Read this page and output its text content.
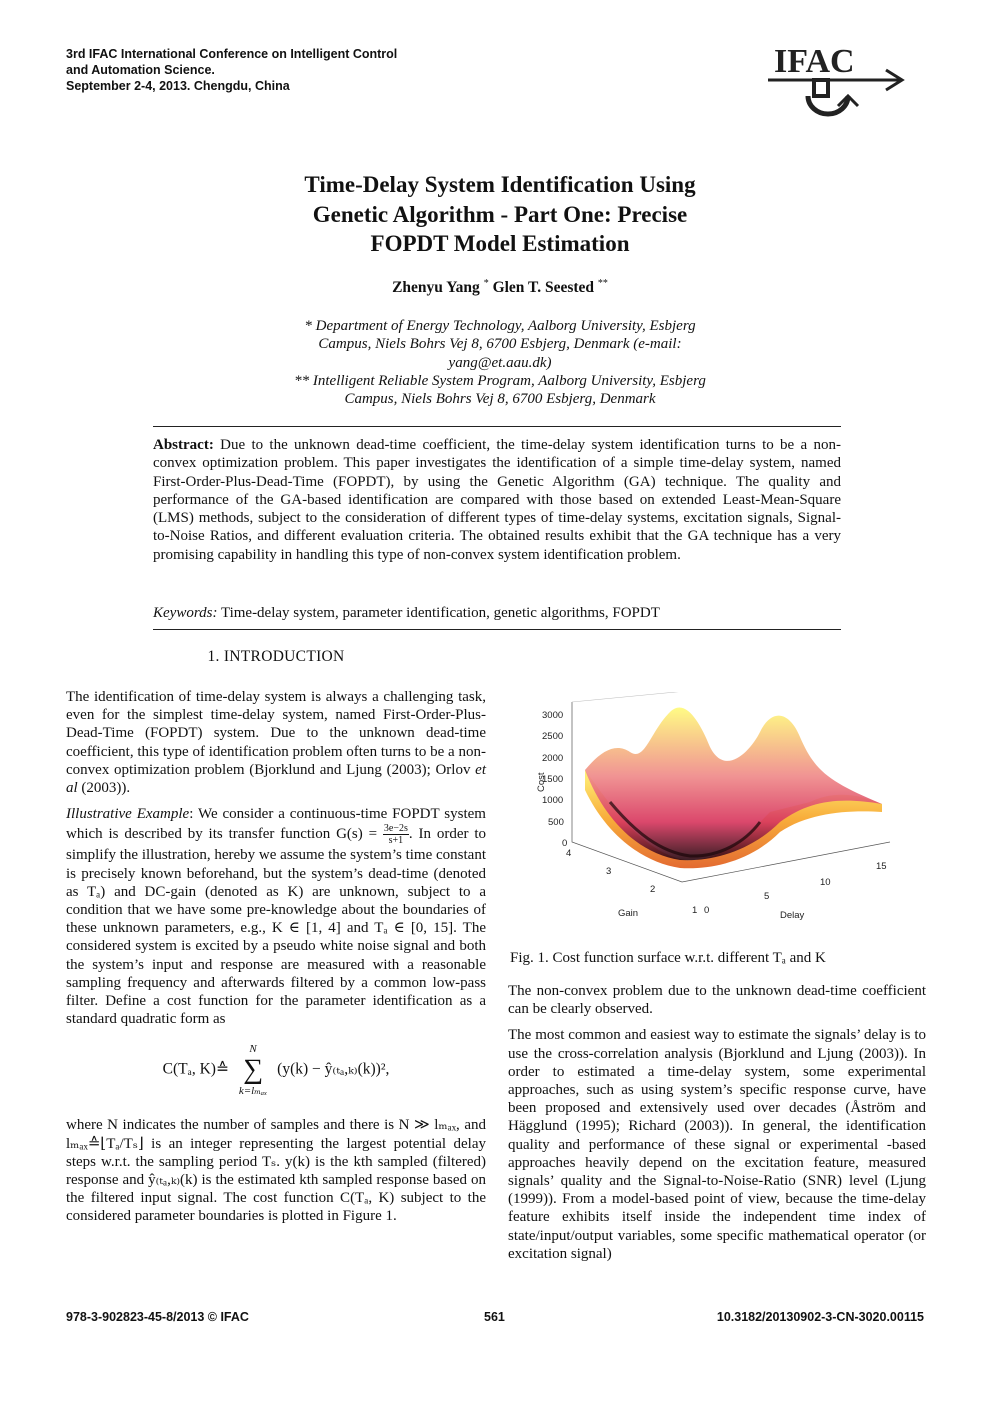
3rd IFAC International Conference on Intelligent Control
and Automation Science.
September 2-4, 2013. Chengdu, China
IFAC
Time-Delay System Identification Using
Genetic Algorithm - Part One: Precise
FOPDT Model Estimation
Zhenyu Yang * Glen T. Seested **
* Department of Energy Technology, Aalborg University, Esbjerg
Campus, Niels Bohrs Vej 8, 6700 Esbjerg, Denmark (e-mail:
yang@et.aau.dk)
** Intelligent Reliable System Program, Aalborg University, Esbjerg
Campus, Niels Bohrs Vej 8, 6700 Esbjerg, Denmark
Abstract: Due to the unknown dead-time coefficient, the time-delay system identification turns to be a non-convex optimization problem. This paper investigates the identification of a simple time-delay system, named First-Order-Plus-Dead-Time (FOPDT), by using the Genetic Algorithm (GA) technique. The quality and performance of the GA-based identification are compared with those based on extended Least-Mean-Square (LMS) methods, subject to the consideration of different types of time-delay systems, excitation signals, Signal-to-Noise Ratios, and different evaluation criteria. The obtained results exhibit that the GA technique has a very promising capability in handling this type of non-convex system identification problem.
Keywords: Time-delay system, parameter identification, genetic algorithms, FOPDT
1. INTRODUCTION

The identification of time-delay system is always a challenging task, even for the simplest time-delay system, named First-Order-Plus-Dead-Time (FOPDT) system. Due to the unknown dead-time coefficient, this type of identification problem often turns to be a non-convex optimization problem (Bjorklund and Ljung (2003); Orlov et al (2003)).

Illustrative Example: We consider a continuous-time FOPDT system which is described by its transfer function $G(s) = \frac{3e-2s}{s+1}$. In order to simplify the illustration, hereby we assume the system’s time constant is precisely known beforehand, but the system’s dead-time (denoted as Tₐ) and DC-gain (denoted as K) are unknown, subject to a condition that we have some pre-knowledge about the boundaries of these unknown parameters, e.g., K ∈ [1, 4] and Tₐ ∈ [0, 15]. The considered system is excited by a pseudo white noise signal and both the system’s input and response are measured with a reasonable sampling frequency and afterwards filtered by a common low-pass filter. Define a cost function for the parameter identification as a standard quadratic form as

C(Tₐ, K)≙
N
∑
k=lₘₐₓ
(y(k) − ŷ₍ₜₐ,ₖ₎(k))²,

where N indicates the number of samples and there is N ≫ lₘₐₓ, and lₘₐₓ≙⌊Tₐ/Tₛ⌋ is an integer representing the largest potential delay steps w.r.t. the sampling period Tₛ. y(k) is the kth sampled (filtered) response and ŷ₍ₜₐ,ₖ₎(k) is the estimated kth sampled response based on the filtered input signal. The cost function C(Tₐ, K) subject to the considered parameter boundaries is plotted in Figure 1.

3000
2500
2000
1500
1000
500
0
Cost
4
3
2
1
Gain	0
5
10
15
Delay
Fig. 1. Cost function surface w.r.t. different Tₐ and K

The non-convex problem due to the unknown dead-time coefficient can be clearly observed.

The most common and easiest way to estimate the signals’ delay is to use the cross-correlation analysis (Bjorklund and Ljung (2003)). In order to estimated a time-delay system, some experimental approaches, such as using system’s specific response curve, have been proposed and extensively used over decades (Åström and Hägglund (1995); Richard (2003)). In general, the identification quality and performance of these signal or experimental -based approaches heavily depend on the excitation feature, measured signals’ quality and the Signal-to-Noise-Ratio (SNR) level (Ljung (1999)). From a model-based point of view, because the time-delay feature exhibits itself inside the independent time index of state/input/output variables, some specific mathematical operator (or excitation signal)

978-3-902823-45-8/2013 © IFAC	561	10.3182/20130902-3-CN-3020.00115
